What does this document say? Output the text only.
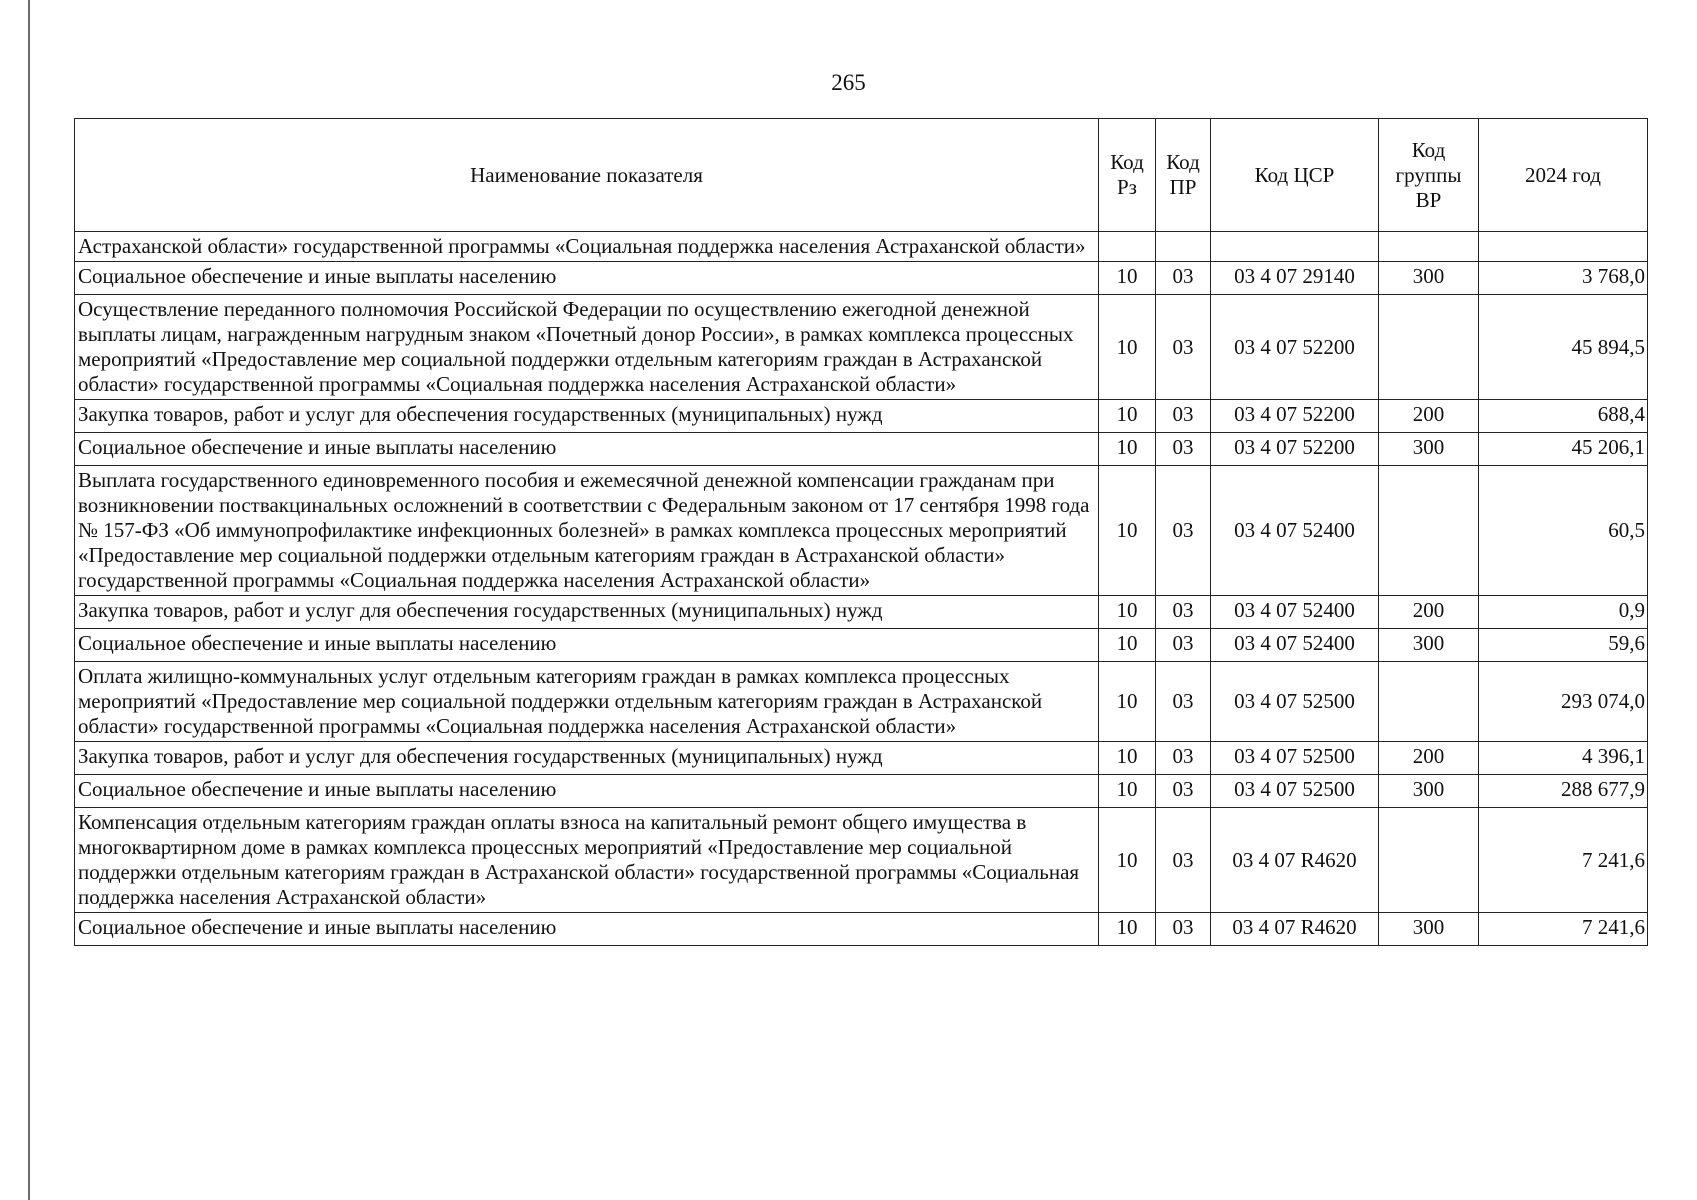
265
Наименование показателя	Код Рз	Код ПР	Код ЦСР	Код группы ВР	2024 год
Астраханской области» государственной программы «Социальная поддержка населения Астраханской области»					
Социальное обеспечение и иные выплаты населению	10	03	03 4 07 29140	300	3 768,0
Осуществление переданного полномочия Российской Федерации по осуществлению ежегодной денежной выплаты лицам, награжденным нагрудным знаком «Почетный донор России», в рамках комплекса процессных мероприятий «Предоставление мер социальной поддержки отдельным категориям граждан в Астраханской области» государственной программы «Социальная поддержка населения Астраханской области»	10	03	03 4 07 52200		45 894,5
Закупка товаров, работ и услуг для обеспечения государственных (муниципальных) нужд	10	03	03 4 07 52200	200	688,4
Социальное обеспечение и иные выплаты населению	10	03	03 4 07 52200	300	45 206,1
Выплата государственного единовременного пособия и ежемесячной денежной компенсации гражданам при возникновении поствакцинальных осложнений в соответствии с Федеральным законом от 17 сентября 1998 года № 157-ФЗ «Об иммунопрофилактике инфекционных болезней» в рамках комплекса процессных мероприятий «Предоставление мер социальной поддержки отдельным категориям граждан в Астраханской области» государственной программы «Социальная поддержка населения Астраханской области»	10	03	03 4 07 52400		60,5
Закупка товаров, работ и услуг для обеспечения государственных (муниципальных) нужд	10	03	03 4 07 52400	200	0,9
Социальное обеспечение и иные выплаты населению	10	03	03 4 07 52400	300	59,6
Оплата жилищно-коммунальных услуг отдельным категориям граждан в рамках комплекса процессных мероприятий «Предоставление мер социальной поддержки отдельным категориям граждан в Астраханской области» государственной программы «Социальная поддержка населения Астраханской области»	10	03	03 4 07 52500		293 074,0
Закупка товаров, работ и услуг для обеспечения государственных (муниципальных) нужд	10	03	03 4 07 52500	200	4 396,1
Социальное обеспечение и иные выплаты населению	10	03	03 4 07 52500	300	288 677,9
Компенсация отдельным категориям граждан оплаты взноса на капитальный ремонт общего имущества в многоквартирном доме в рамках комплекса процессных мероприятий «Предоставление мер социальной поддержки отдельным категориям граждан в Астраханской области» государственной программы «Социальная поддержка населения Астраханской области»	10	03	03 4 07 R4620		7 241,6
Социальное обеспечение и иные выплаты населению	10	03	03 4 07 R4620	300	7 241,6
